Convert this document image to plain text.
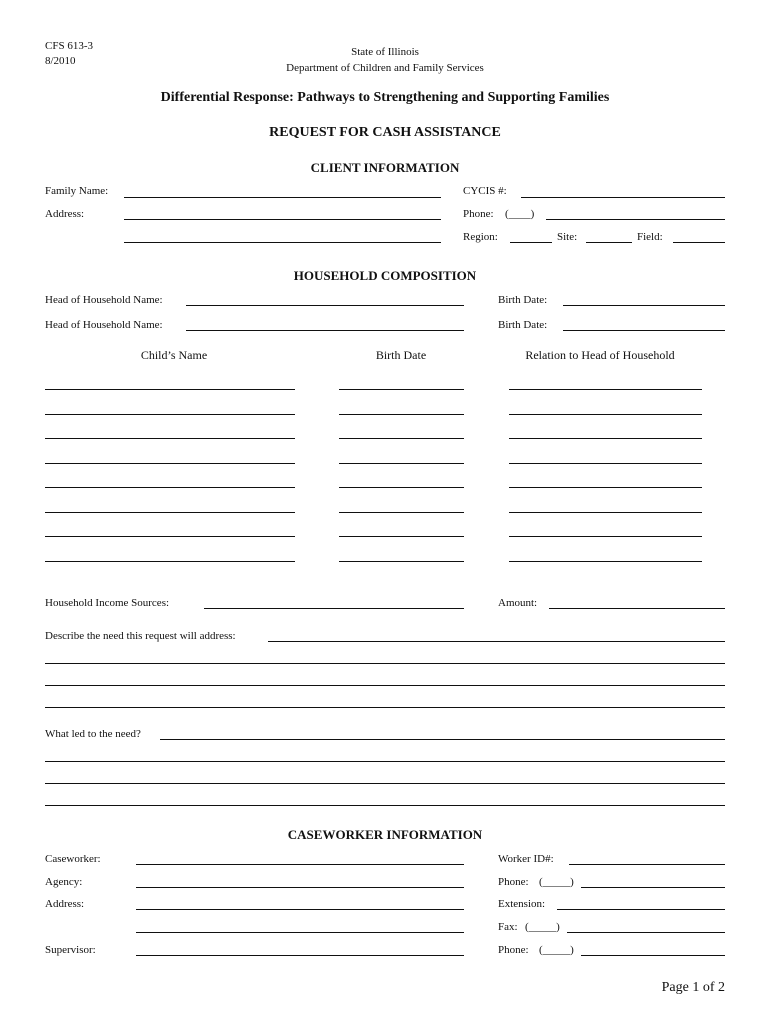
CFS 613-3
8/2010
State of Illinois
Department of Children and Family Services
Differential Response: Pathways to Strengthening and Supporting Families
REQUEST FOR CASH ASSISTANCE
CLIENT INFORMATION
Family Name:	CYCIS #:
Address:	Phone: (____)
Region:	Site:	Field:
HOUSEHOLD COMPOSITION
Head of Household Name:	Birth Date:
Head of Household Name:	Birth Date:
Child’s Name	Birth Date	Relation to Head of Household
Household Income Sources:	Amount:
Describe the need this request will address:
What led to the need?
CASEWORKER INFORMATION
Caseworker:	Worker ID#:
Agency:	Phone: (_____)
Address:	Extension:
Fax: (_____)
Supervisor:	Phone: (_____)
Page 1 of 2
